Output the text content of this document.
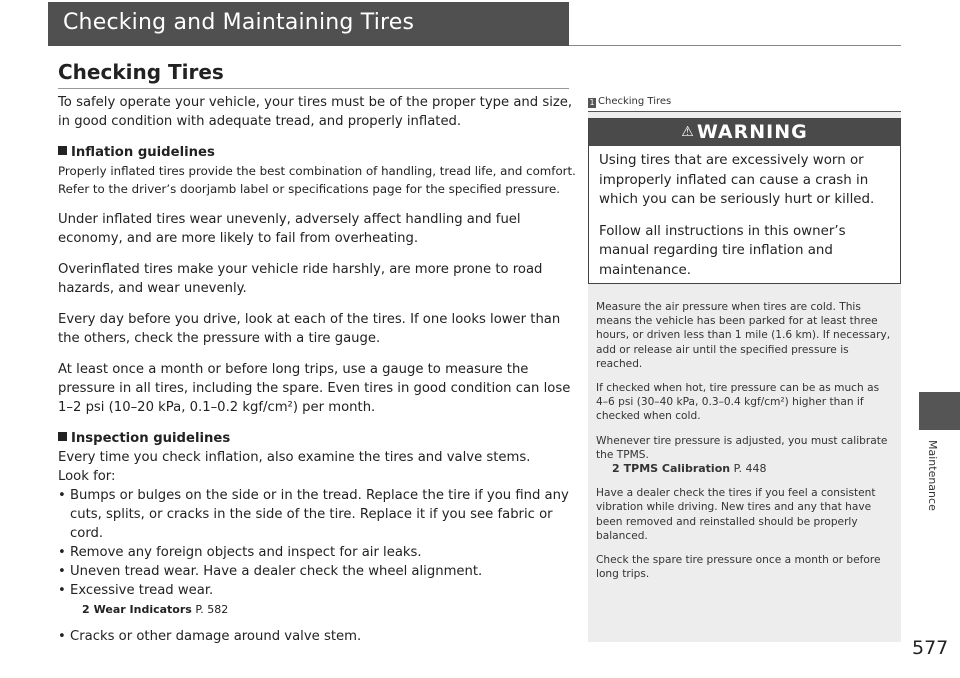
Checking and Maintaining Tires
Checking Tires

To safely operate your vehicle, your tires must be of the proper type and size, in good condition with adequate tread, and properly inflated.

Inflation guidelines
Properly inflated tires provide the best combination of handling, tread life, and comfort.
Refer to the driver’s doorjamb label or specifications page for the specified pressure.

Under inflated tires wear unevenly, adversely affect handling and fuel economy, and are more likely to fail from overheating.

Overinflated tires make your vehicle ride harshly, are more prone to road hazards, and wear unevenly.

Every day before you drive, look at each of the tires. If one looks lower than the others, check the pressure with a tire gauge.

At least once a month or before long trips, use a gauge to measure the pressure in all tires, including the spare. Even tires in good condition can lose 1–2 psi (10–20 kPa, 0.1–0.2 kgf/cm²) per month.

Inspection guidelines
Every time you check inflation, also examine the tires and valve stems.
Look for:
• Bumps or bulges on the side or in the tread. Replace the tire if you find any cuts, splits, or cracks in the side of the tire. Replace it if you see fabric or cord.
• Remove any foreign objects and inspect for air leaks.
• Uneven tread wear. Have a dealer check the wheel alignment.
• Excessive tread wear.
2 Wear Indicators P. 582
• Cracks or other damage around valve stem.
1 Checking Tires
⚠ WARNING

Using tires that are excessively worn or improperly inflated can cause a crash in which you can be seriously hurt or killed.

Follow all instructions in this owner’s manual regarding tire inflation and maintenance.

Measure the air pressure when tires are cold. This means the vehicle has been parked for at least three hours, or driven less than 1 mile (1.6 km). If necessary, add or release air until the specified pressure is reached.

If checked when hot, tire pressure can be as much as 4–6 psi (30–40 kPa, 0.3–0.4 kgf/cm²) higher than if checked when cold.

Whenever tire pressure is adjusted, you must calibrate the TPMS.

2 TPMS Calibration P. 448

Have a dealer check the tires if you feel a consistent vibration while driving. New tires and any that have been removed and reinstalled should be properly balanced.

Check the spare tire pressure once a month or before long trips.

Maintenance
577
